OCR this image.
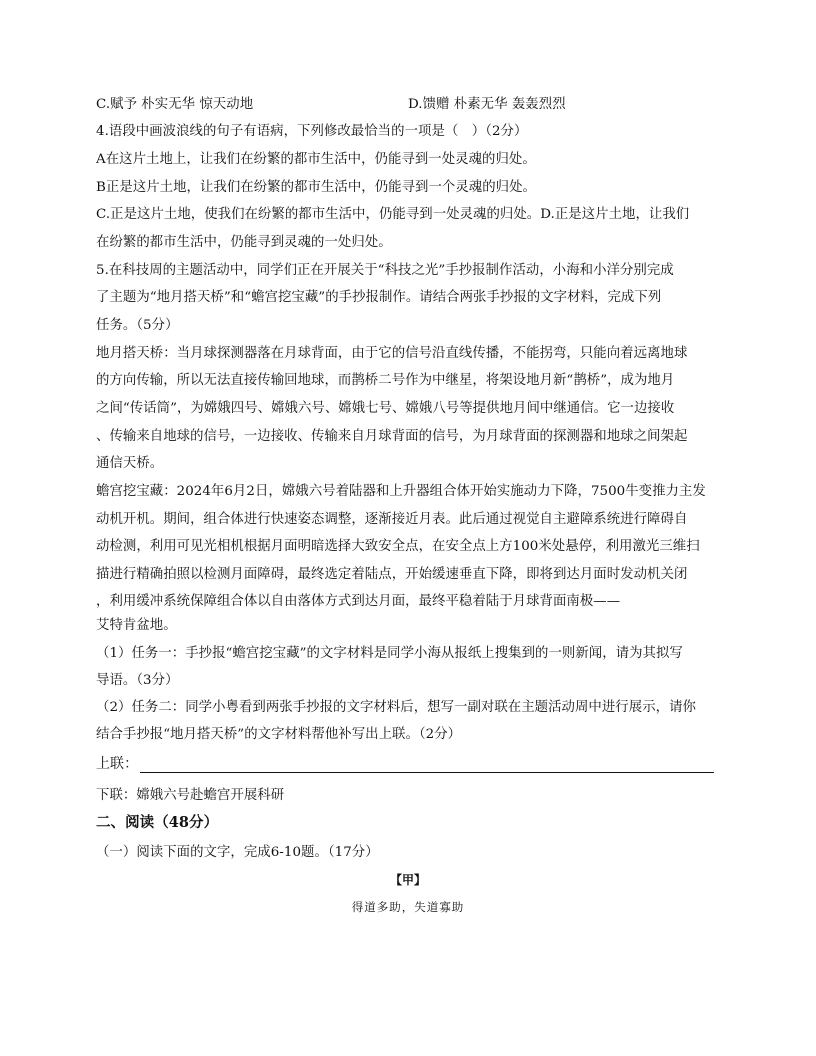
C.赋予 朴实无华 惊天动地	D.馈赠 朴素无华 轰轰烈烈
4.语段中画波浪线的句子有语病，下列修改最恰当的一项是（　）（2分）
A在这片土地上，让我们在纷繁的都市生活中，仍能寻到一处灵魂的归处。
B正是这片土地，让我们在纷繁的都市生活中，仍能寻到一个灵魂的归处。
C.正是这片土地，使我们在纷繁的都市生活中，仍能寻到一处灵魂的归处。D.正是这片土地，让我们
在纷繁的都市生活中，仍能寻到灵魂的一处归处。
5.在科技周的主题活动中，同学们正在开展关于“科技之光”手抄报制作活动，小海和小洋分别完成
了主题为“地月搭天桥”和“蟾宫挖宝藏”的手抄报制作。请结合两张手抄报的文字材料，完成下列
任务。（5分）
地月搭天桥：当月球探测器落在月球背面，由于它的信号沿直线传播，不能拐弯，只能向着远离地球
的方向传输，所以无法直接传输回地球，而鹊桥二号作为中继星，将架设地月新“鹊桥”，成为地月
之间“传话筒”，为嫦娥四号、嫦娥六号、嫦娥七号、嫦娥八号等提供地月间中继通信。它一边接收
、传输来自地球的信号，一边接收、传输来自月球背面的信号，为月球背面的探测器和地球之间架起
通信天桥。
蟾宫挖宝藏：2024年6月2日，嫦娥六号着陆器和上升器组合体开始实施动力下降，7500牛变推力主发
动机开机。期间，组合体进行快速姿态调整，逐渐接近月表。此后通过视觉自主避障系统进行障碍自
动检测，利用可见光相机根据月面明暗选择大致安全点，在安全点上方100米处悬停，利用激光三维扫
描进行精确拍照以检测月面障碍，最终选定着陆点，开始缓速垂直下降，即将到达月面时发动机关闭
，利用缓冲系统保障组合体以自由落体方式到达月面，最终平稳着陆于月球背面南极——
艾特肯盆地。
（1）任务一：手抄报“蟾宫挖宝藏”的文字材料是同学小海从报纸上搜集到的一则新闻，请为其拟写
导语。（3分）
（2）任务二：同学小粤看到两张手抄报的文字材料后，想写一副对联在主题活动周中进行展示，请你
结合手抄报“地月搭天桥”的文字材料帮他补写出上联。（2分）
上联：
下联：嫦娥六号赴蟾宫开展科研
二、阅读（48分）
（一）阅读下面的文字，完成6-10题。（17分）
【甲】
得道多助，失道寡助
